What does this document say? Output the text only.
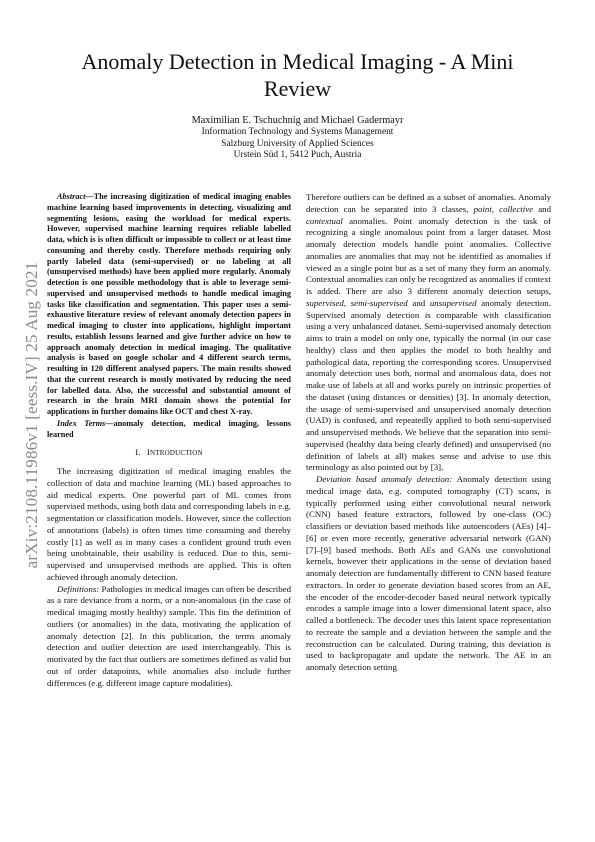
arXiv:2108.11986v1 [eess.IV] 25 Aug 2021
Anomaly Detection in Medical Imaging - A Mini Review
Maximilian E. Tschuchnig and Michael Gadermayr
Information Technology and Systems Management
Salzburg University of Applied Sciences
Urstein Süd 1, 5412 Puch, Austria

Abstract—The increasing digitization of medical imaging enables machine learning based improvements in detecting, visualizing and segmenting lesions, easing the workload for medical experts. However, supervised machine learning requires reliable labelled data, which is is often difficult or impossible to collect or at least time consuming and thereby costly. Therefore methods requiring only partly labeled data (semi-supervised) or no labeling at all (unsupervised methods) have been applied more regularly. Anomaly detection is one possible methodology that is able to leverage semi-supervised and unsupervised methods to handle medical imaging tasks like classification and segmentation. This paper uses a semi-exhaustive literature review of relevant anomaly detection papers in medical imaging to cluster into applications, highlight important results, establish lessons learned and give further advice on how to approach anomaly detection in medical imaging. The qualitative analysis is based on google scholar and 4 different search terms, resulting in 120 different analysed papers. The main results showed that the current research is mostly motivated by reducing the need for labelled data. Also, the successful and substantial amount of research in the brain MRI domain shows the potential for applications in further domains like OCT and chest X-ray.

Index Terms—anomaly detection, medical imaging, lessons learned

I. INTRODUCTION

The increasing digitization of medical imaging enables the collection of data and machine learning (ML) based approaches to aid medical experts. One powerful part of ML comes from supervised methods, using both data and corresponding labels in e.g. segmentation or classification models. However, since the collection of annotations (labels) is often times time consuming and thereby costly [1] as well as in many cases a confident ground truth even being unobtainable, their usability is reduced. Due to this, semi-supervised and unsupervised methods are applied. This is often achieved through anomaly detection.

Definitions: Pathologies in medical images can often be described as a rare deviance from a norm, or a non-anomalous (in the case of medical imaging mostly healthy) sample. This fits the definition of outliers (or anomalies) in the data, motivating the application of anomaly detection [2]. In this publication, the terms anomaly detection and outlier detection are used interchangeably. This is motivated by the fact that outliers are sometimes defined as valid but out of order datapoints, while anomalies also include further differences (e.g. different image capture modalities).

Therefore outliers can be defined as a subset of anomalies. Anomaly detection can be separated into 3 classes, point, collective and contextual anomalies. Point anomaly detection is the task of recognizing a single anomalous point from a larger dataset. Most anomaly detection models handle point anomalies. Collective anomalies are anomalies that may not be identified as anomalies if viewed as a single point but as a set of many they form an anomaly. Contextual anomalies can only be recognized as anomalies if context is added. There are also 3 different anomaly detection setups, supervised, semi-supervised and unsupervised anomaly detection. Supervised anomaly detection is comparable with classification using a very unbalanced dataset. Semi-supervised anomaly detection aims to train a model on only one, typically the normal (in our case healthy) class and then applies the model to both healthy and pathological data, reporting the corresponding scores. Unsupervised anomaly detection uses both, normal and anomalous data, does not make use of labels at all and works purely on intrinsic properties of the dataset (using distances or densities) [3]. In anomaly detection, the usage of semi-supervised and unsupervised anomaly detection (UAD) is confused, and repeatedly applied to both semi-supervised and unsupervised methods. We believe that the separation into semi-supervised (healthy data being clearly defined) and unsupervised (no definition of labels at all) makes sense and advise to use this terminology as also pointed out by [3].

Deviation based anomaly detection: Anomaly detection using medical image data, e.g. computed tomography (CT) scans, is typically performed using either convolutional neural network (CNN) based feature extractors, followed by one-class (OC) classifiers or deviation based methods like autoencoders (AEs) [4]–[6] or even more recently, generative adversarial network (GAN) [7]–[9] based methods. Both AEs and GANs use convolutional kernels, however their applications in the sense of deviation based anomaly detection are fundamentally different to CNN based feature extractors. In order to generate deviation based scores from an AE, the encoder of the encoder-decoder based neural network typically encodes a sample image into a lower dimensional latent space, also called a bottleneck. The decoder uses this latent space representation to recreate the sample and a deviation between the sample and the reconstruction can be calculated. During training, this deviation is used to backpropagate and update the network. The AE in an anomaly detection setting
